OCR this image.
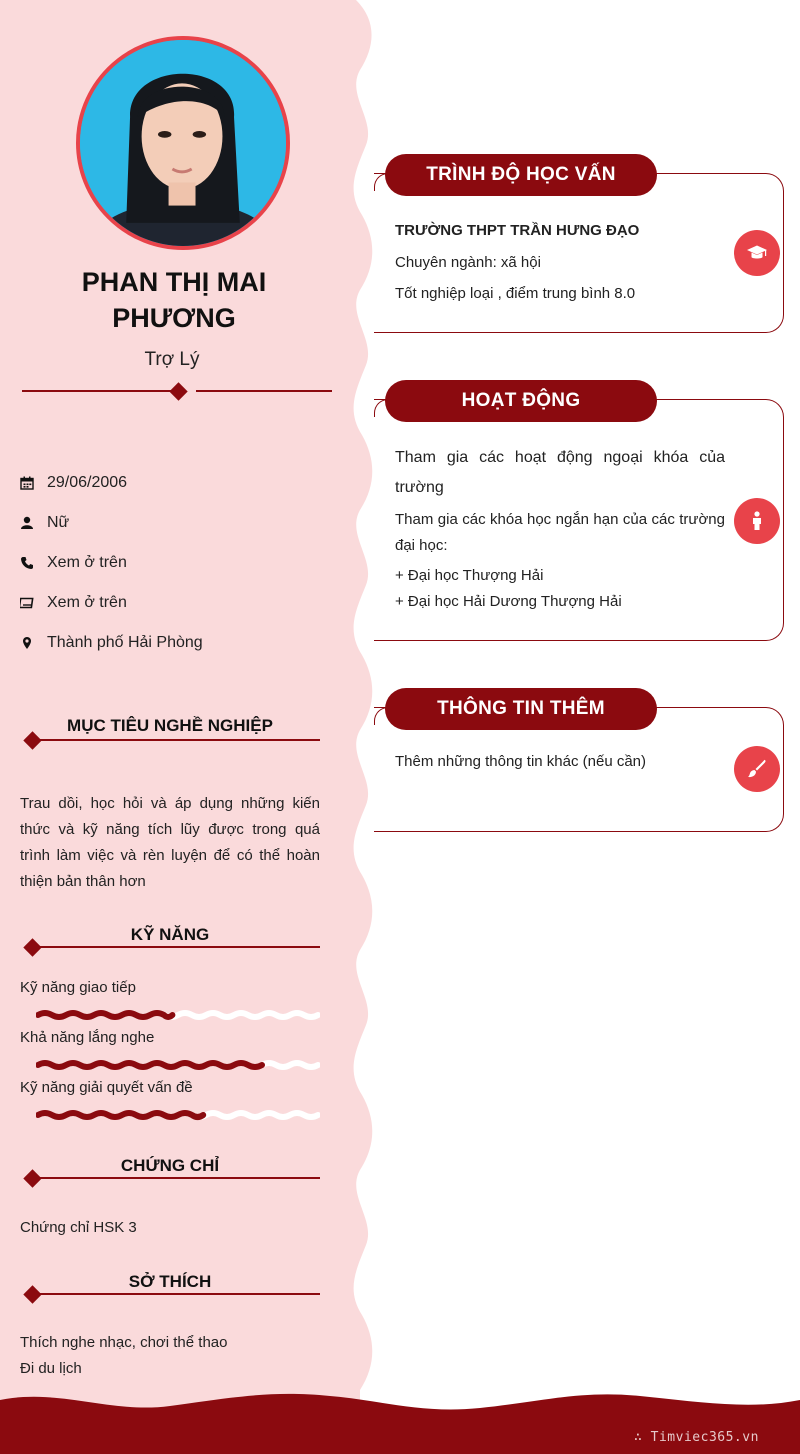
PHAN THỊ MAI PHƯƠNG
Trợ Lý
29/06/2006
Nữ
Xem ở trên
Xem ở trên
Thành phố Hải Phòng
MỤC TIÊU NGHỀ NGHIỆP
Trau dồi, học hỏi và áp dụng những kiến thức và kỹ năng tích lũy được trong quá trình làm việc và rèn luyện để có thể hoàn thiện bản thân hơn
KỸ NĂNG
Kỹ năng giao tiếp
Khả năng lắng nghe
Kỹ năng giải quyết vấn đề
CHỨNG CHỈ
Chứng chỉ HSK 3
SỞ THÍCH
Thích nghe nhạc, chơi thể thao
Đi du lịch
TRÌNH ĐỘ HỌC VẤN
TRƯỜNG THPT TRẦN HƯNG ĐẠO
Chuyên ngành: xã hội
Tốt nghiệp loại , điểm trung bình 8.0
HOẠT ĐỘNG
Tham gia các hoạt động ngoại khóa của trường
Tham gia các khóa học ngắn hạn của các trường đại học:
+ Đại học Thượng Hải
+ Đại học Hải Dương Thượng Hải
THÔNG TIN THÊM
Thêm những thông tin khác (nếu cần)
∴ Timviec365.vn
